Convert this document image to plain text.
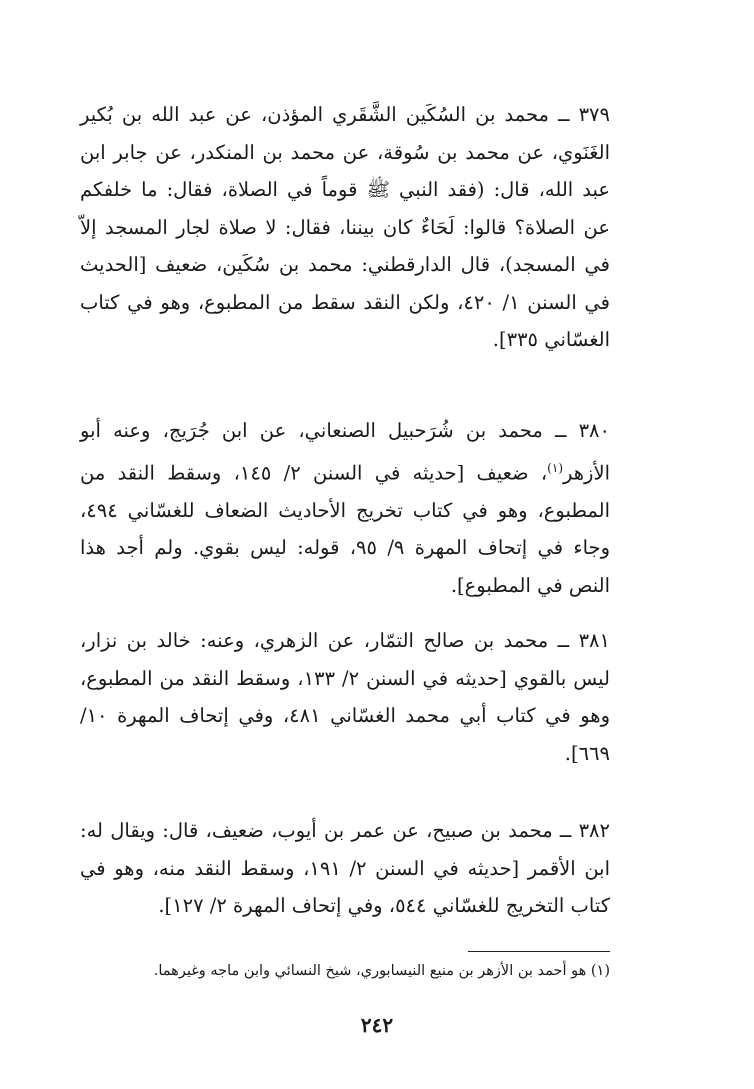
٣٧٩ ــ محمد بن السُكَين الشَّقَري المؤذن، عن عبد الله بن بُكير الغَنَوي، عن محمد بن سُوقة، عن محمد بن المنكدر، عن جابر ابن عبد الله، قال: (فقد النبي ﷺ قوماً في الصلاة، فقال: ما خلفكم عن الصلاة؟ قالوا: لَحَاءٌ كان بيننا، فقال: لا صلاة لجار المسجد إلاّ في المسجد)، قال الدارقطني: محمد بن سُكَين، ضعيف [الحديث في السنن ١/ ٤٢٠، ولكن النقد سقط من المطبوع، وهو في كتاب الغسّاني ٣٣٥].

٣٨٠ ــ محمد بن شُرَحبيل الصنعاني، عن ابن جُرَيج، وعنه أبو الأزهر$^{(١)}$، ضعيف [حديثه في السنن ٢/ ١٤٥، وسقط النقد من المطبوع، وهو في كتاب تخريج الأحاديث الضعاف للغسّاني ٤٩٤، وجاء في إتحاف المهرة ٩/ ٩٥، قوله: ليس بقوي. ولم أجد هذا النص في المطبوع].

٣٨١ ــ محمد بن صالح التمّار، عن الزهري، وعنه: خالد بن نزار، ليس بالقوي [حديثه في السنن ٢/ ١٣٣، وسقط النقد من المطبوع، وهو في كتاب أبي محمد الغسّاني ٤٨١، وفي إتحاف المهرة ١٠/ ٦٦٩].

٣٨٢ ــ محمد بن صبيح، عن عمر بن أيوب، ضعيف، قال: ويقال له: ابن الأقمر [حديثه في السنن ٢/ ١٩١، وسقط النقد منه، وهو في كتاب التخريج للغسّاني ٥٤٤، وفي إتحاف المهرة ٢/ ١٢٧].

(١) هو أحمد بن الأزهر بن منيع النيسابوري، شيخ النسائي وابن ماجه وغيرهما.

٢٤٢
